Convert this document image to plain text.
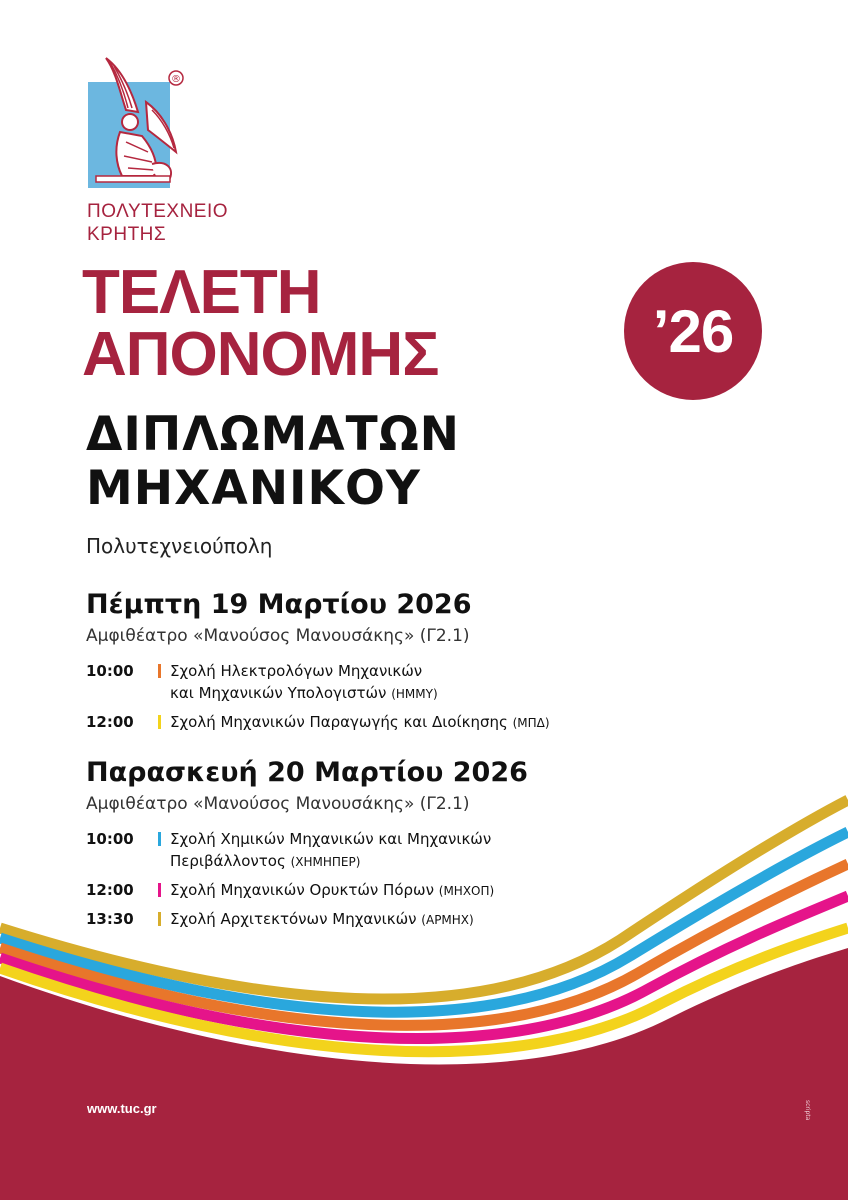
®
ΠΟΛΥΤΕΧΝΕΙΟ
ΚΡΗΤΗΣ
ΤΕΛΕΤΗ
ΑΠΟΝΟΜΗΣ	’26
ΔΙΠΛΩΜΑΤΩΝ
ΜΗΧΑΝΙΚΟΥ
Πολυτεχνειούπολη

Πέμπτη 19 Μαρτίου 2026

Αμφιθέατρο «Μανούσος Μανουσάκης» (Γ2.1)

10:00	Σχολή Ηλεκτρολόγων Μηχανικών
και Μηχανικών Υπολογιστών (ΗΜΜΥ)
12:00	Σχολή Μηχανικών Παραγωγής και Διοίκησης (ΜΠΔ)

Παρασκευή 20 Μαρτίου 2026

Αμφιθέατρο «Μανούσος Μανουσάκης» (Γ2.1)

10:00	Σχολή Χημικών Μηχανικών και Μηχανικών
Περιβάλλοντος (ΧΗΜΗΠΕΡ)
12:00	Σχολή Μηχανικών Ορυκτών Πόρων (ΜΗΧΟΠ)
13:30	Σχολή Αρχιτεκτόνων Μηχανικών (ΑΡΜΗΧ)
www.tuc.gr	scripta
